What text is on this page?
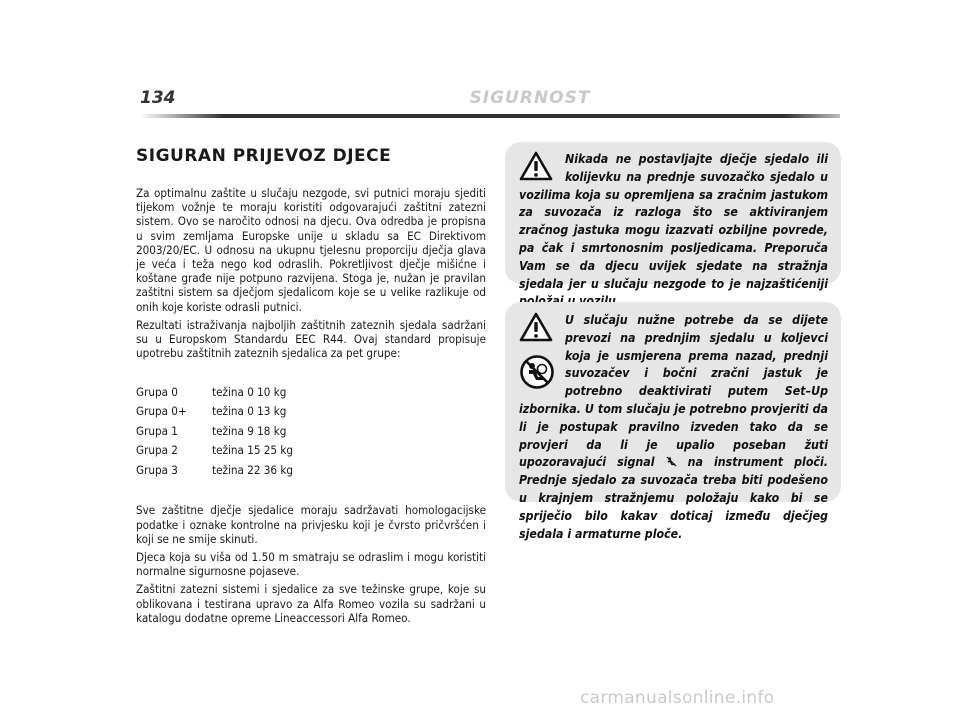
134	SIGURNOST
SIGURAN PRIJEVOZ DJECE

Za optimalnu zaštite u slučaju nezgode, svi putnici moraju sjediti tijekom vožnje te moraju koristiti odgovarajući zaštitni zatezni sistem. Ovo se naročito odnosi na djecu. Ova odredba je propisna u svim zemljama Europske unije u skladu sa EC Direktivom 2003/20/EC. U odnosu na ukupnu tjelesnu proporciju dječja glava je veća i teža nego kod odraslih. Pokretljivost dječje mišićne i koštane građe nije potpuno razvijena. Stoga je, nužan je pravilan zaštitni sistem sa dječjom sjedalicom koje se u velike razlikuje od onih koje koriste odrasli putnici.

Rezultati istraživanja najboljih zaštitnih zateznih sjedala sadržani su u Europskom Standardu EEC R44. Ovaj standard propisuje upotrebu zaštitnih zateznih sjedalica za pet grupe:

Grupa 0	težina 0 10 kg
Grupa 0+	težina 0 13 kg
Grupa 1	težina 9 18 kg
Grupa 2	težina 15 25 kg
Grupa 3	težina 22 36 kg

Sve zaštitne dječje sjedalice moraju sadržavati homologacijske podatke i oznake kontrolne na privjesku koji je čvrsto pričvršćen i koji se ne smije skinuti.

Djeca koja su viša od 1.50 m smatraju se odraslim i mogu koristiti normalne sigurnosne pojaseve.

Zaštitni zatezni sistemi i sjedalice za sve težinske grupe, koje su oblikovana i testirana upravo za Alfa Romeo vozila su sadržani u katalogu dodatne opreme Lineaccessori Alfa Romeo.

Nikada ne postavljajte dječje sjedalo ili kolijevku na prednje suvozačko sjedalo u vozilima koja su opremljena sa zračnim jastukom za suvozača iz razloga što se aktiviranjem zračnog jastuka mogu izazvati ozbiljne povrede, pa čak i smrtonosnim posljedicama. Preporuča Vam se da djecu uvijek sjedate na stražnja sjedala jer u slučaju nezgode to je najzaštićeniji
U slučaju nužne potrebe da se dijete prevozi na prednjim sjedalu u koljevci koja je usmjerena prema nazad, prednji suvozačev i bočni zračni jastuk je potrebno deaktivirati putem Set–Up izbornika. U tom slučaju je potrebno provjeriti da li je postupak pravilno izveden tako da se provjeri da li je upalio poseban žuti upozoravajući signal	na instrument ploči. Prednje sjedalo za suvozača treba biti podešeno u krajnjem stražnjemu položaju kako bi se spriječio bilo kakav doticaj između dječjeg sjedala i armaturne ploče.
carmanualsonline.info
